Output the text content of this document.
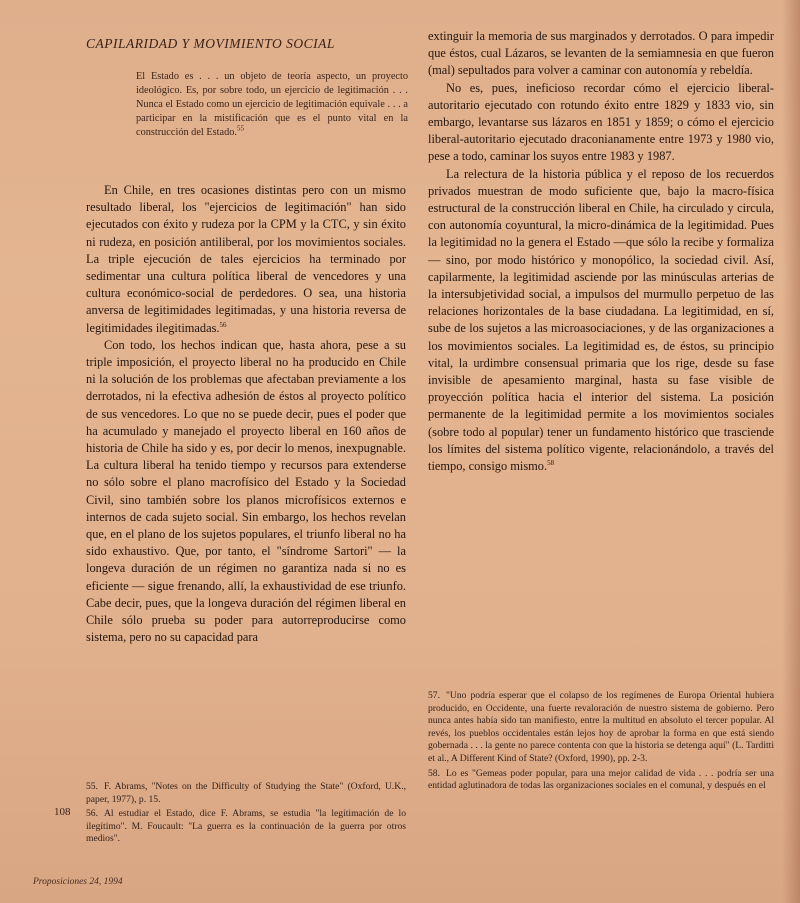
CAPILARIDAD Y MOVIMIENTO SOCIAL
El Estado es . . . un objeto de teoría aspecto, un proyecto ideológico. Es, por sobre todo, un ejercicio de legitimación . . . Nunca el Estado como un ejercicio de legitimación equivale . . . a participar en la mistificación que es el punto vital en la construcción del Estado.$^{55}$

En Chile, en tres ocasiones distintas pero con un mismo resultado liberal, los "ejercicios de legitimación" han sido ejecutados con éxito y rudeza por la CPM y la CTC, y sin éxito ni rudeza, en posición antiliberal, por los movimientos sociales. La triple ejecución de tales ejercicios ha terminado por sedimentar una cultura política liberal de vencedores y una cultura económico-social de perdedores. O sea, una historia anversa de legitimidades legitimadas, y una historia reversa de legitimidades ilegitimadas.$^{56}$

Con todo, los hechos indican que, hasta ahora, pese a su triple imposición, el proyecto liberal no ha producido en Chile ni la solución de los problemas que afectaban previamente a los derrotados, ni la efectiva adhesión de éstos al proyecto político de sus vencedores. Lo que no se puede decir, pues el poder que ha acumulado y manejado el proyecto liberal en 160 años de historia de Chile ha sido y es, por decir lo menos, inexpugnable. La cultura liberal ha tenido tiempo y recursos para extenderse no sólo sobre el plano macrofísico del Estado y la Sociedad Civil, sino también sobre los planos microfísicos externos e internos de cada sujeto social. Sin embargo, los hechos revelan que, en el plano de los sujetos populares, el triunfo liberal no ha sido exhaustivo. Que, por tanto, el "síndrome Sartori" — la longeva duración de un régimen no garantiza nada si no es eficiente — sigue frenando, allí, la exhaustividad de ese triunfo. Cabe decir, pues, que la longeva duración del régimen liberal en Chile sólo prueba su poder para autorreproducirse como sistema, pero no su capacidad para

55. F. Abrams, "Notes on the Difficulty of Studying the State" (Oxford, U.K., paper, 1977), p. 15.

56. Al estudiar el Estado, dice F. Abrams, se estudia "la legitimación de lo ilegítimo". M. Foucault: "La guerra es la continuación de la guerra por otros medios".

108
Proposiciones 24, 1994

extinguir la memoria de sus marginados y derrotados. O para impedir que éstos, cual Lázaros, se levanten de la semiamnesia en que fueron (mal) sepultados para volver a caminar con autonomía y rebeldía.

No es, pues, ineficioso recordar cómo el ejercicio liberal-autoritario ejecutado con rotundo éxito entre 1829 y 1833 vio, sin embargo, levantarse sus lázaros en 1851 y 1859; o cómo el ejercicio liberal-autoritario ejecutado draconianamente entre 1973 y 1980 vio, pese a todo, caminar los suyos entre 1983 y 1987.

La relectura de la historia pública y el reposo de los recuerdos privados muestran de modo suficiente que, bajo la macro-física estructural de la construcción liberal en Chile, ha circulado y circula, con autonomía coyuntural, la micro-dinámica de la legitimidad. Pues la legitimidad no la genera el Estado —que sólo la recibe y formaliza— sino, por modo histórico y monopólico, la sociedad civil. Así, capilarmente, la legitimidad asciende por las minúsculas arterias de la intersubjetividad social, a impulsos del murmullo perpetuo de las relaciones horizontales de la base ciudadana. La legitimidad, en sí, sube de los sujetos a las microasociaciones, y de las organizaciones a los movimientos sociales. La legitimidad es, de éstos, su principio vital, la urdimbre consensual primaria que los rige, desde su fase invisible de apesamiento marginal, hasta su fase visible de proyección política hacia el interior del sistema. La posición permanente de la legitimidad permite a los movimientos sociales (sobre todo al popular) tener un fundamento histórico que trasciende los límites del sistema político vigente, relacionándolo, a través del tiempo, consigo mismo.$^{58}$

57. "Uno podría esperar que el colapso de los regímenes de Europa Oriental hubiera producido, en Occidente, una fuerte revaloración de nuestro sistema de gobierno. Pero nunca antes había sido tan manifiesto, entre la multitud en absoluto el tercer popular. Al revés, los pueblos occidentales están lejos hoy de aprobar la forma en que está siendo gobernada . . . la gente no parece contenta con que la historia se detenga aquí" (L. Tarditti et al., A Different Kind of State? (Oxford, 1990), pp. 2-3.

58. Lo es "Gemeas poder popular, para una mejor calidad de vida . . . podría ser una entidad aglutinadora de todas las organizaciones sociales en el comunal, y después en el
